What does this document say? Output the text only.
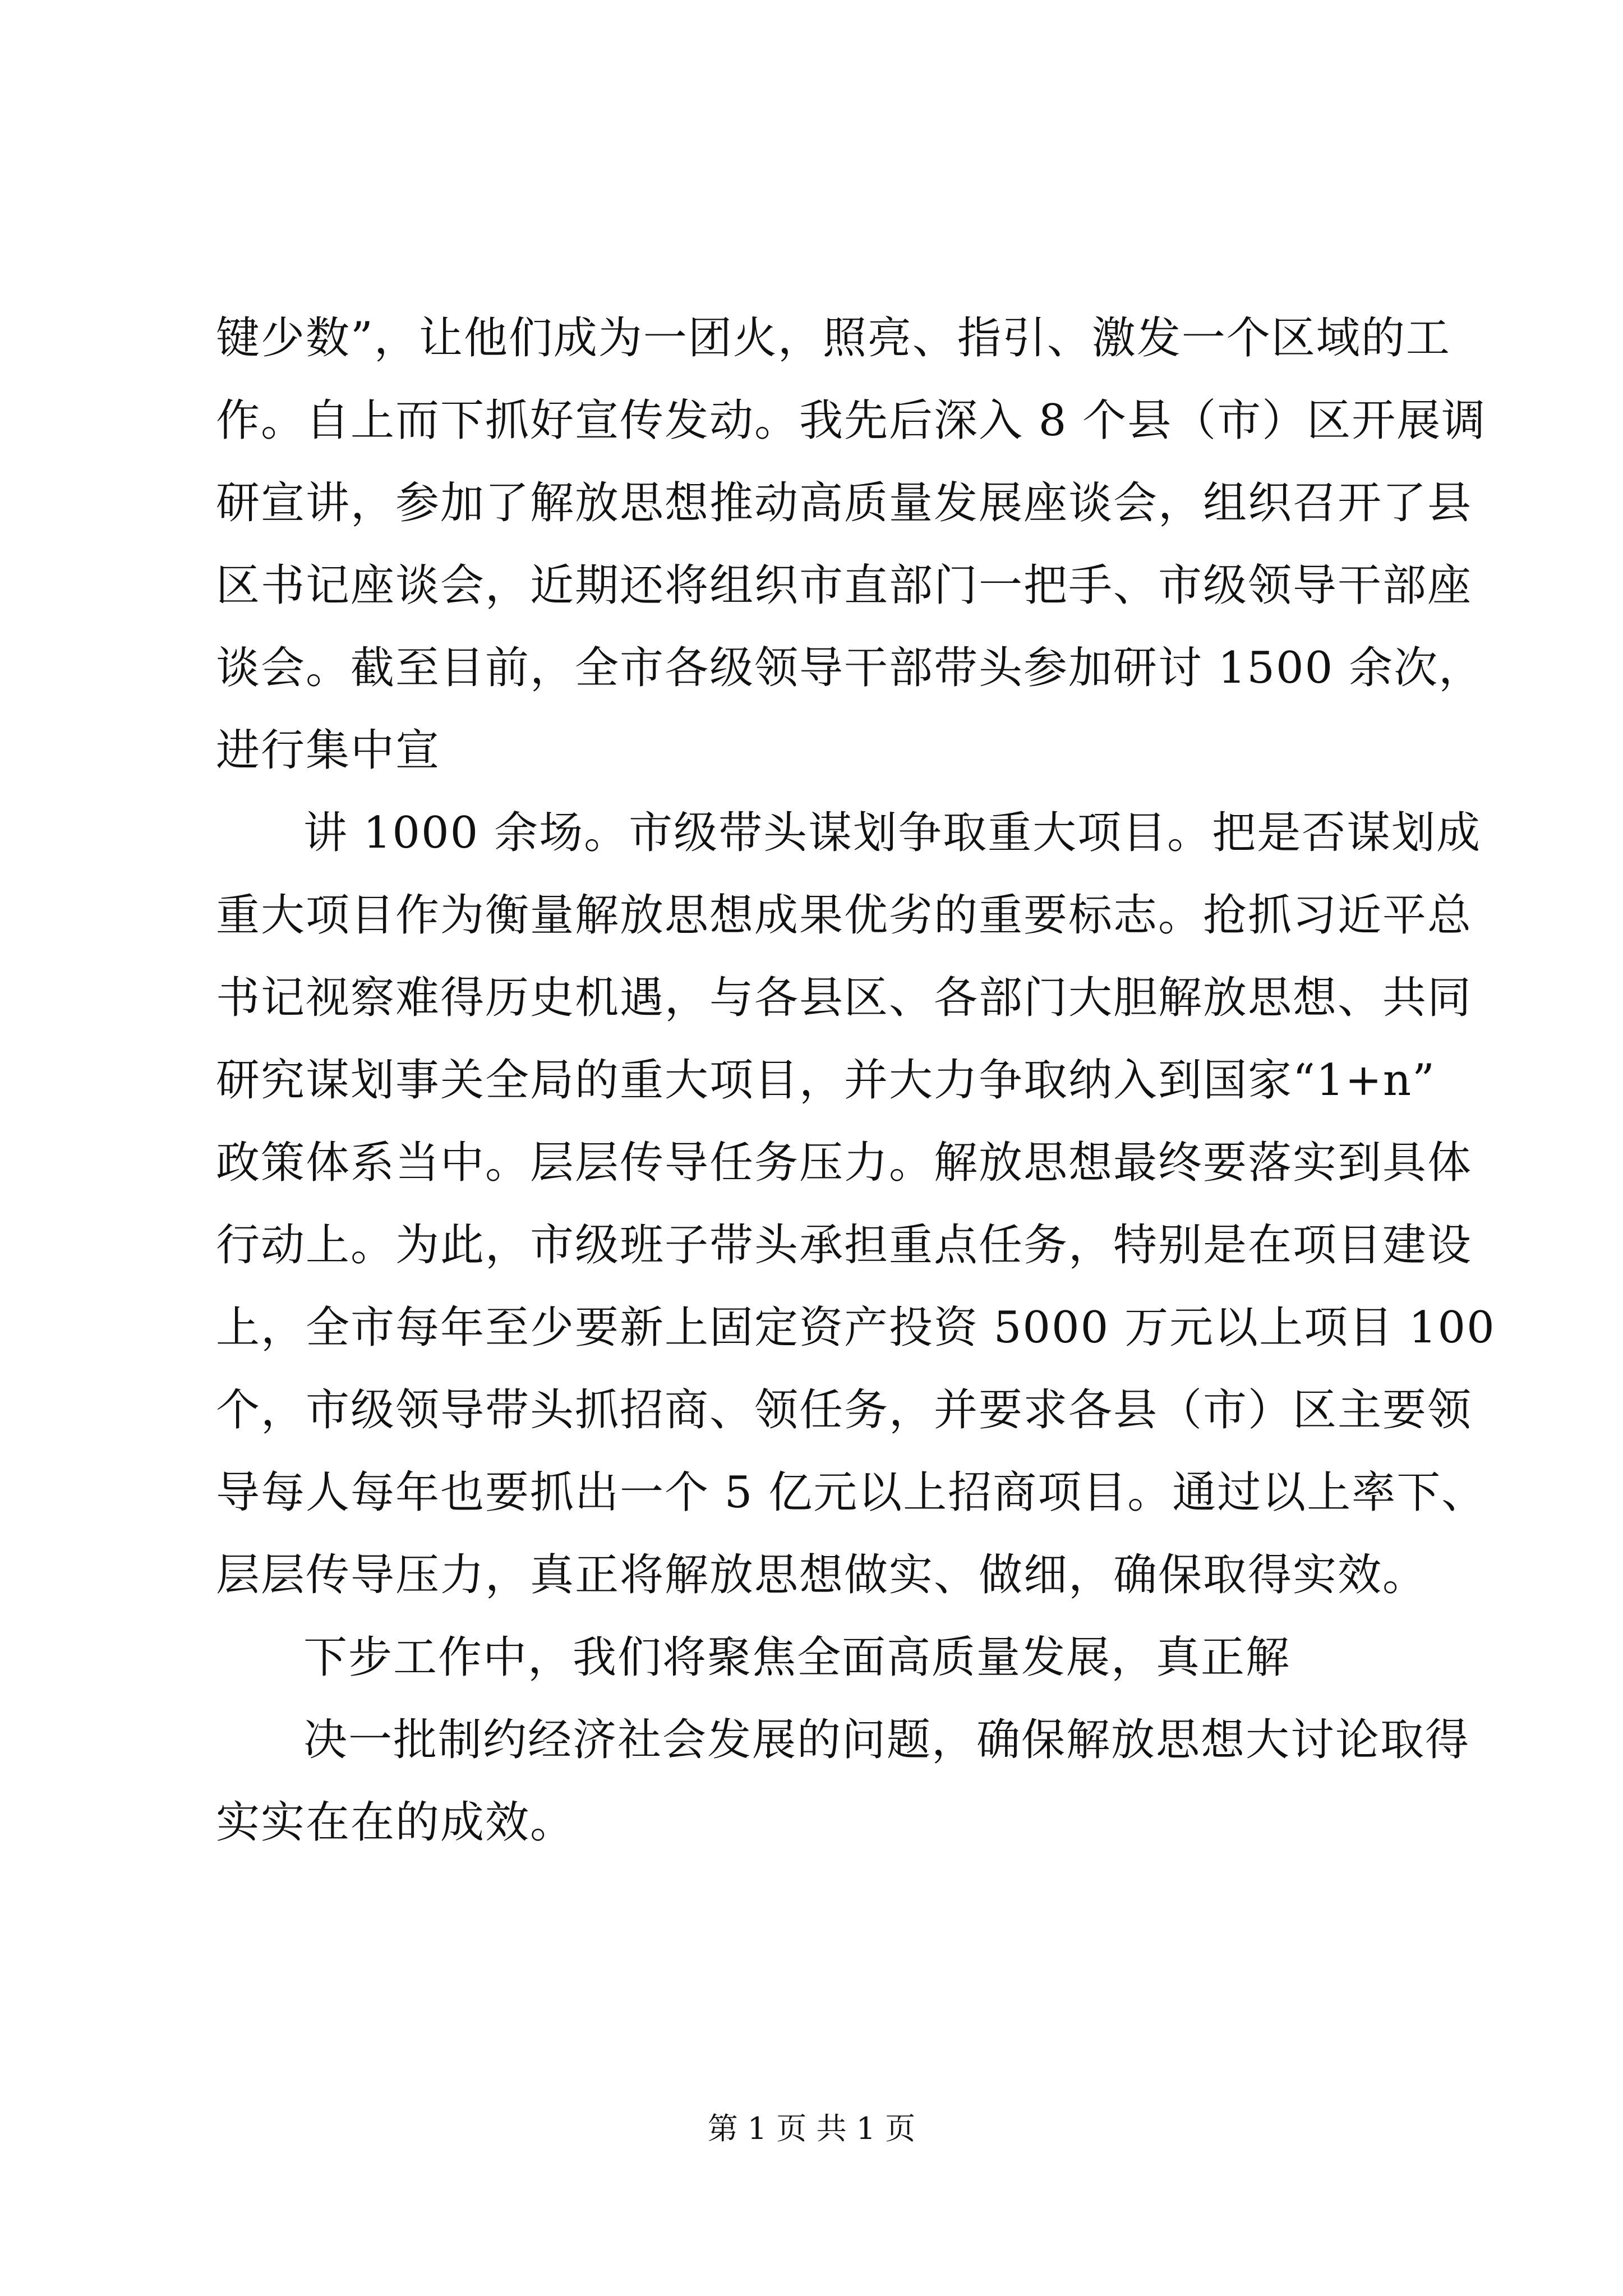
键少数”，让他们成为一团火，照亮、指引、激发一个区域的工
作。自上而下抓好宣传发动。我先后深入 8 个县（市）区开展调
研宣讲，参加了解放思想推动高质量发展座谈会，组织召开了县
区书记座谈会，近期还将组织市直部门一把手、市级领导干部座
谈会。截至目前，全市各级领导干部带头参加研讨 1500 余次，
进行集中宣
讲 1000 余场。市级带头谋划争取重大项目。把是否谋划成
重大项目作为衡量解放思想成果优劣的重要标志。抢抓习近平总
书记视察难得历史机遇，与各县区、各部门大胆解放思想、共同
研究谋划事关全局的重大项目，并大力争取纳入到国家“1+n”
政策体系当中。层层传导任务压力。解放思想最终要落实到具体
行动上。为此，市级班子带头承担重点任务，特别是在项目建设
上，全市每年至少要新上固定资产投资 5000 万元以上项目 100
个，市级领导带头抓招商、领任务，并要求各县（市）区主要领
导每人每年也要抓出一个 5 亿元以上招商项目。通过以上率下、
层层传导压力，真正将解放思想做实、做细，确保取得实效。
下步工作中，我们将聚焦全面高质量发展，真正解
决一批制约经济社会发展的问题，确保解放思想大讨论取得
实实在在的成效。
第 1 页 共 1 页
